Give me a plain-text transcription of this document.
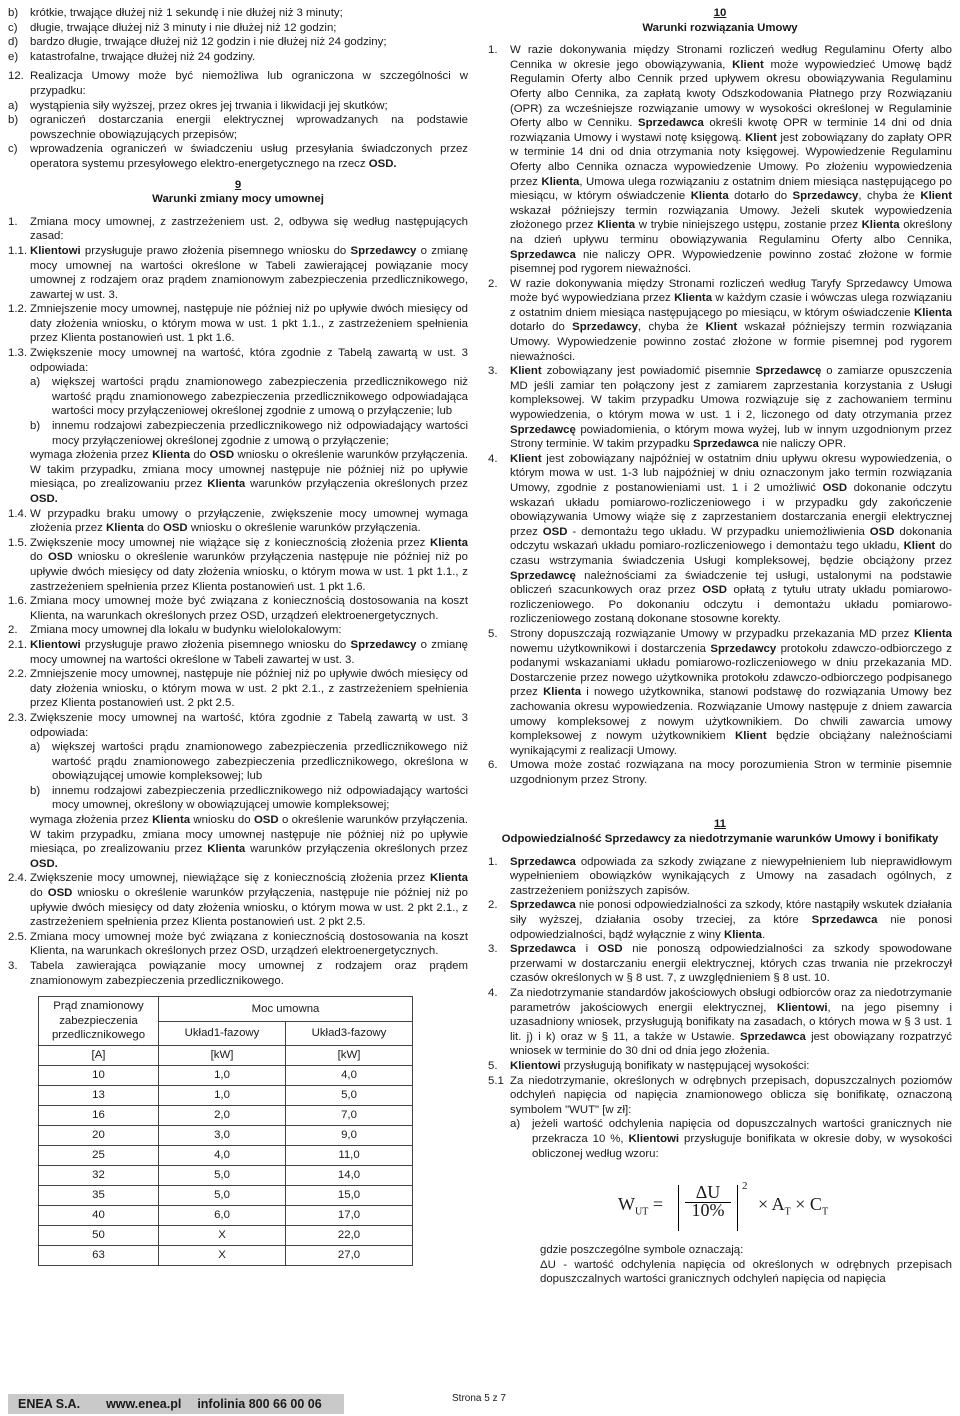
b) krótkie, trwające dłużej niż 1 sekundę i nie dłużej niż 3 minuty;
c) długie, trwające dłużej niż 3 minuty i nie dłużej niż 12 godzin;
d) bardzo długie, trwające dłużej niż 12 godzin i nie dłużej niż 24 godziny;
e) katastrofalne, trwające dłużej niż 24 godziny.
12. Realizacja Umowy może być niemożliwa lub ograniczona w szczególności w przypadku:
a) wystąpienia siły wyższej, przez okres jej trwania i likwidacji jej skutków;
b) ograniczeń dostarczania energii elektrycznej wprowadzanych na podstawie powszechnie obowiązujących przepisów;
c) wprowadzenia ograniczeń w świadczeniu usług przesyłania świadczonych przez operatora systemu przesyłowego elektro-energetycznego na rzecz OSD.
9
Warunki zmiany mocy umownej
1. Zmiana mocy umownej, z zastrzeżeniem ust. 2, odbywa się według następujących zasad:
1.1. Klientowi przysługuje prawo złożenia pisemnego wniosku do Sprzedawcy o zmianę mocy umownej na wartości określone w Tabeli zawierającej powiązanie mocy umownej z rodzajem oraz prądem znamionowym zabezpieczenia przedlicznikowego, zawartej w ust. 3.
1.2. Zmniejszenie mocy umownej, następuje nie później niż po upływie dwóch miesięcy od daty złożenia wniosku, o którym mowa w ust. 1 pkt 1.1., z zastrzeżeniem spełnienia przez Klienta postanowień ust. 1 pkt 1.6.
1.3. Zwiększenie mocy umownej na wartość, która zgodnie z Tabelą zawartą w ust. 3 odpowiada:
a) większej wartości prądu znamionowego zabezpieczenia przedlicznikowego niż wartość prądu znamionowego zabezpieczenia przedlicznikowego odpowiadająca wartości mocy przyłączeniowej określonej zgodnie z umową o przyłączenie; lub
b) innemu rodzajowi zabezpieczenia przedlicznikowego niż odpowiadający wartości mocy przyłączeniowej określonej zgodnie z umową o przyłączenie;

wymaga złożenia przez Klienta do OSD wniosku o określenie warunków przyłączenia. W takim przypadku, zmiana mocy umownej następuje nie później niż po upływie miesiąca, po zrealizowaniu przez Klienta warunków przyłączenia określonych przez OSD.

1.4. W przypadku braku umowy o przyłączenie, zwiększenie mocy umownej wymaga złożenia przez Klienta do OSD wniosku o określenie warunków przyłączenia.
1.5. Zwiększenie mocy umownej nie wiążące się z koniecznością złożenia przez Klienta do OSD wniosku o określenie warunków przyłączenia następuje nie później niż po upływie dwóch miesięcy od daty złożenia wniosku, o którym mowa w ust. 1 pkt 1.1., z zastrzeżeniem spełnienia przez Klienta postanowień ust. 1 pkt 1.6.
1.6. Zmiana mocy umownej może być związana z koniecznością dostosowania na koszt Klienta, na warunkach określonych przez OSD, urządzeń elektroenergetycznych.
2. Zmiana mocy umownej dla lokalu w budynku wielolokalowym:
2.1. Klientowi przysługuje prawo złożenia pisemnego wniosku do Sprzedawcy o zmianę mocy umownej na wartości określone w Tabeli zawartej w ust. 3.
2.2. Zmniejszenie mocy umownej, następuje nie później niż po upływie dwóch miesięcy od daty złożenia wniosku, o którym mowa w ust. 2 pkt 2.1., z zastrzeżeniem spełnienia przez Klienta postanowień ust. 2 pkt 2.5.
2.3. Zwiększenie mocy umownej na wartość, która zgodnie z Tabelą zawartą w ust. 3 odpowiada:
a) większej wartości prądu znamionowego zabezpieczenia przedlicznikowego niż wartość prądu znamionowego zabezpieczenia przedlicznikowego, określona w obowiązującej umowie kompleksowej; lub
b) innemu rodzajowi zabezpieczenia przedlicznikowego niż odpowiadający wartości mocy umownej, określony w obowiązującej umowie kompleksowej;

wymaga złożenia przez Klienta wniosku do OSD o określenie warunków przyłączenia. W takim przypadku, zmiana mocy umownej następuje nie później niż po upływie miesiąca, po zrealizowaniu przez Klienta warunków przyłączenia określonych przez OSD.

2.4. Zwiększenie mocy umownej, niewiążące się z koniecznością złożenia przez Klienta do OSD wniosku o określenie warunków przyłączenia, następuje nie później niż po upływie dwóch miesięcy od daty złożenia wniosku, o którym mowa w ust. 2 pkt 2.1., z zastrzeżeniem spełnienia przez Klienta postanowień ust. 2 pkt 2.5.
2.5. Zmiana mocy umownej może być związana z koniecznością dostosowania na koszt Klienta, na warunkach określonych przez OSD, urządzeń elektroenergetycznych.
3. Tabela zawierająca powiązanie mocy umownej z rodzajem oraz prądem znamionowym zabezpieczenia przedlicznikowego.
Prąd znamionowy zabezpieczenia przedlicznikowego	Moc umowna	
	Układ1-fazowy	Układ3-fazowy
[A]	[kW]	[kW]
10	1,0	4,0
13	1,0	5,0
16	2,0	7,0
20	3,0	9,0
25	4,0	11,0
32	5,0	14,0
35	5,0	15,0
40	6,0	17,0
50	X	22,0
63	X	27,0
10
Warunki rozwiązania Umowy
1. W razie dokonywania między Stronami rozliczeń według Regulaminu Oferty albo Cennika w okresie jego obowiązywania, Klient może wypowiedzieć Umowę bądź Regulamin Oferty albo Cennik przed upływem okresu obowiązywania Regulaminu Oferty albo Cennika, za zapłatą kwoty Odszkodowania Płatnego przy Rozwiązaniu (OPR) za wcześniejsze rozwiązanie umowy w wysokości określonej w Regulaminie Oferty albo w Cenniku. Sprzedawca określi kwotę OPR w terminie 14 dni od dnia rozwiązania Umowy i wystawi notę księgową. Klient jest zobowiązany do zapłaty OPR w terminie 14 dni od dnia otrzymania noty księgowej. Wypowiedzenie Regulaminu Oferty albo Cennika oznacza wypowiedzenie Umowy. Po złożeniu wypowiedzenia przez Klienta, Umowa ulega rozwiązaniu z ostatnim dniem miesiąca następującego po miesiącu, w którym oświadczenie Klienta dotarło do Sprzedawcy, chyba że Klient wskazał późniejszy termin rozwiązania Umowy. Jeżeli skutek wypowiedzenia złożonego przez Klienta w trybie niniejszego ustępu, zostanie przez Klienta określony na dzień upływu terminu obowiązywania Regulaminu Oferty albo Cennika, Sprzedawca nie naliczy OPR. Wypowiedzenie powinno zostać złożone w formie pisemnej pod rygorem nieważności.
2. W razie dokonywania między Stronami rozliczeń według Taryfy Sprzedawcy Umowa może być wypowiedziana przez Klienta w każdym czasie i wówczas ulega rozwiązaniu z ostatnim dniem miesiąca następującego po miesiącu, w którym oświadczenie Klienta dotarło do Sprzedawcy, chyba że Klient wskazał późniejszy termin rozwiązania Umowy. Wypowiedzenie powinno zostać złożone w formie pisemnej pod rygorem nieważności.
3. Klient zobowiązany jest powiadomić pisemnie Sprzedawcę o zamiarze opuszczenia MD jeśli zamiar ten połączony jest z zamiarem zaprzestania korzystania z Usługi kompleksowej. W takim przypadku Umowa rozwiązuje się z zachowaniem terminu wypowiedzenia, o którym mowa w ust. 1 i 2, liczonego od daty otrzymania przez Sprzedawcę powiadomienia, o którym mowa wyżej, lub w innym uzgodnionym przez Strony terminie. W takim przypadku Sprzedawca nie naliczy OPR.
4. Klient jest zobowiązany najpóźniej w ostatnim dniu upływu okresu wypowiedzenia, o którym mowa w ust. 1-3 lub najpóźniej w dniu oznaczonym jako termin rozwiązania Umowy, zgodnie z postanowieniami ust. 1 i 2 umożliwić OSD dokonanie odczytu wskazań układu pomiarowo-rozliczeniowego i w przypadku gdy zakończenie obowiązywania Umowy wiąże się z zaprzestaniem dostarczania energii elektrycznej przez OSD - demontażu tego układu. W przypadku uniemożliwienia OSD dokonania odczytu wskazań układu pomiaro-rozliczeniowego i demontażu tego układu, Klient do czasu wstrzymania świadczenia Usługi kompleksowej, będzie obciążony przez Sprzedawcę należnościami za świadczenie tej usługi, ustalonymi na podstawie obliczeń szacunkowych oraz przez OSD opłatą z tytułu utraty układu pomiarowo-rozliczeniowego. Po dokonaniu odczytu i demontażu układu pomiarowo-rozliczeniowego zostaną dokonane stosowne korekty.
5. Strony dopuszczają rozwiązanie Umowy w przypadku przekazania MD przez Klienta nowemu użytkownikowi i dostarczenia Sprzedawcy protokołu zdawczo-odbiorczego z podanymi wskazaniami układu pomiarowo-rozliczeniowego w dniu przekazania MD. Dostarczenie przez nowego użytkownika protokołu zdawczo-odbiorczego podpisanego przez Klienta i nowego użytkownika, stanowi podstawę do rozwiązania Umowy bez zachowania okresu wypowiedzenia. Rozwiązanie Umowy następuje z dniem zawarcia umowy kompleksowej z nowym użytkownikiem. Do chwili zawarcia umowy kompleksowej z nowym użytkownikiem Klient będzie obciążany należnościami wynikającymi z realizacji Umowy.
6. Umowa może zostać rozwiązana na mocy porozumienia Stron w terminie pisemnie uzgodnionym przez Strony.
11
Odpowiedzialność Sprzedawcy za niedotrzymanie warunków Umowy i bonifikaty
1. Sprzedawca odpowiada za szkody związane z niewypełnieniem lub nieprawidłowym wypełnieniem obowiązków wynikających z Umowy na zasadach ogólnych, z zastrzeżeniem poniższych zapisów.
2. Sprzedawca nie ponosi odpowiedzialności za szkody, które nastąpiły wskutek działania siły wyższej, działania osoby trzeciej, za które Sprzedawca nie ponosi odpowiedzialności, bądź wyłącznie z winy Klienta.
3. Sprzedawca i OSD nie ponoszą odpowiedzialności za szkody spowodowane przerwami w dostarczaniu energii elektrycznej, których czas trwania nie przekroczył czasów określonych w § 8 ust. 7, z uwzględnieniem § 8 ust. 10.
4. Za niedotrzymanie standardów jakościowych obsługi odbiorców oraz za niedotrzymanie parametrów jakościowych energii elektrycznej, Klientowi, na jego pisemny i uzasadniony wniosek, przysługują bonifikaty na zasadach, o których mowa w § 3 ust. 1 lit. j) i k) oraz w § 11, a także w Ustawie. Sprzedawca jest obowiązany rozpatrzyć wniosek w terminie do 30 dni od dnia jego złożenia.
5. Klientowi przysługują bonifikaty w następującej wysokości:
5.1 Za niedotrzymanie, określonych w odrębnych przepisach, dopuszczalnych poziomów odchyleń napięcia od napięcia znamionowego oblicza się bonifikatę, oznaczoną symbolem "WUT" [w zł]:
a) jeżeli wartość odchylenia napięcia od dopuszczalnych wartości granicznych nie przekracza 10 %, Klientowi przysługuje bonifikata w okresie doby, w wysokości obliczonej według wzoru:
$W_{UT}$ =
ΔU
10%
2
× $A_T \times C_T$
gdzie poszczególne symbole oznaczają:
ΔU - wartość odchylenia napięcia od określonych w odrębnych przepisach dopuszczalnych wartości granicznych odchyleń napięcia od napięcia
ENEA S.A. www.enea.pl infolinia 800 66 00 06	Strona 5 z 7
